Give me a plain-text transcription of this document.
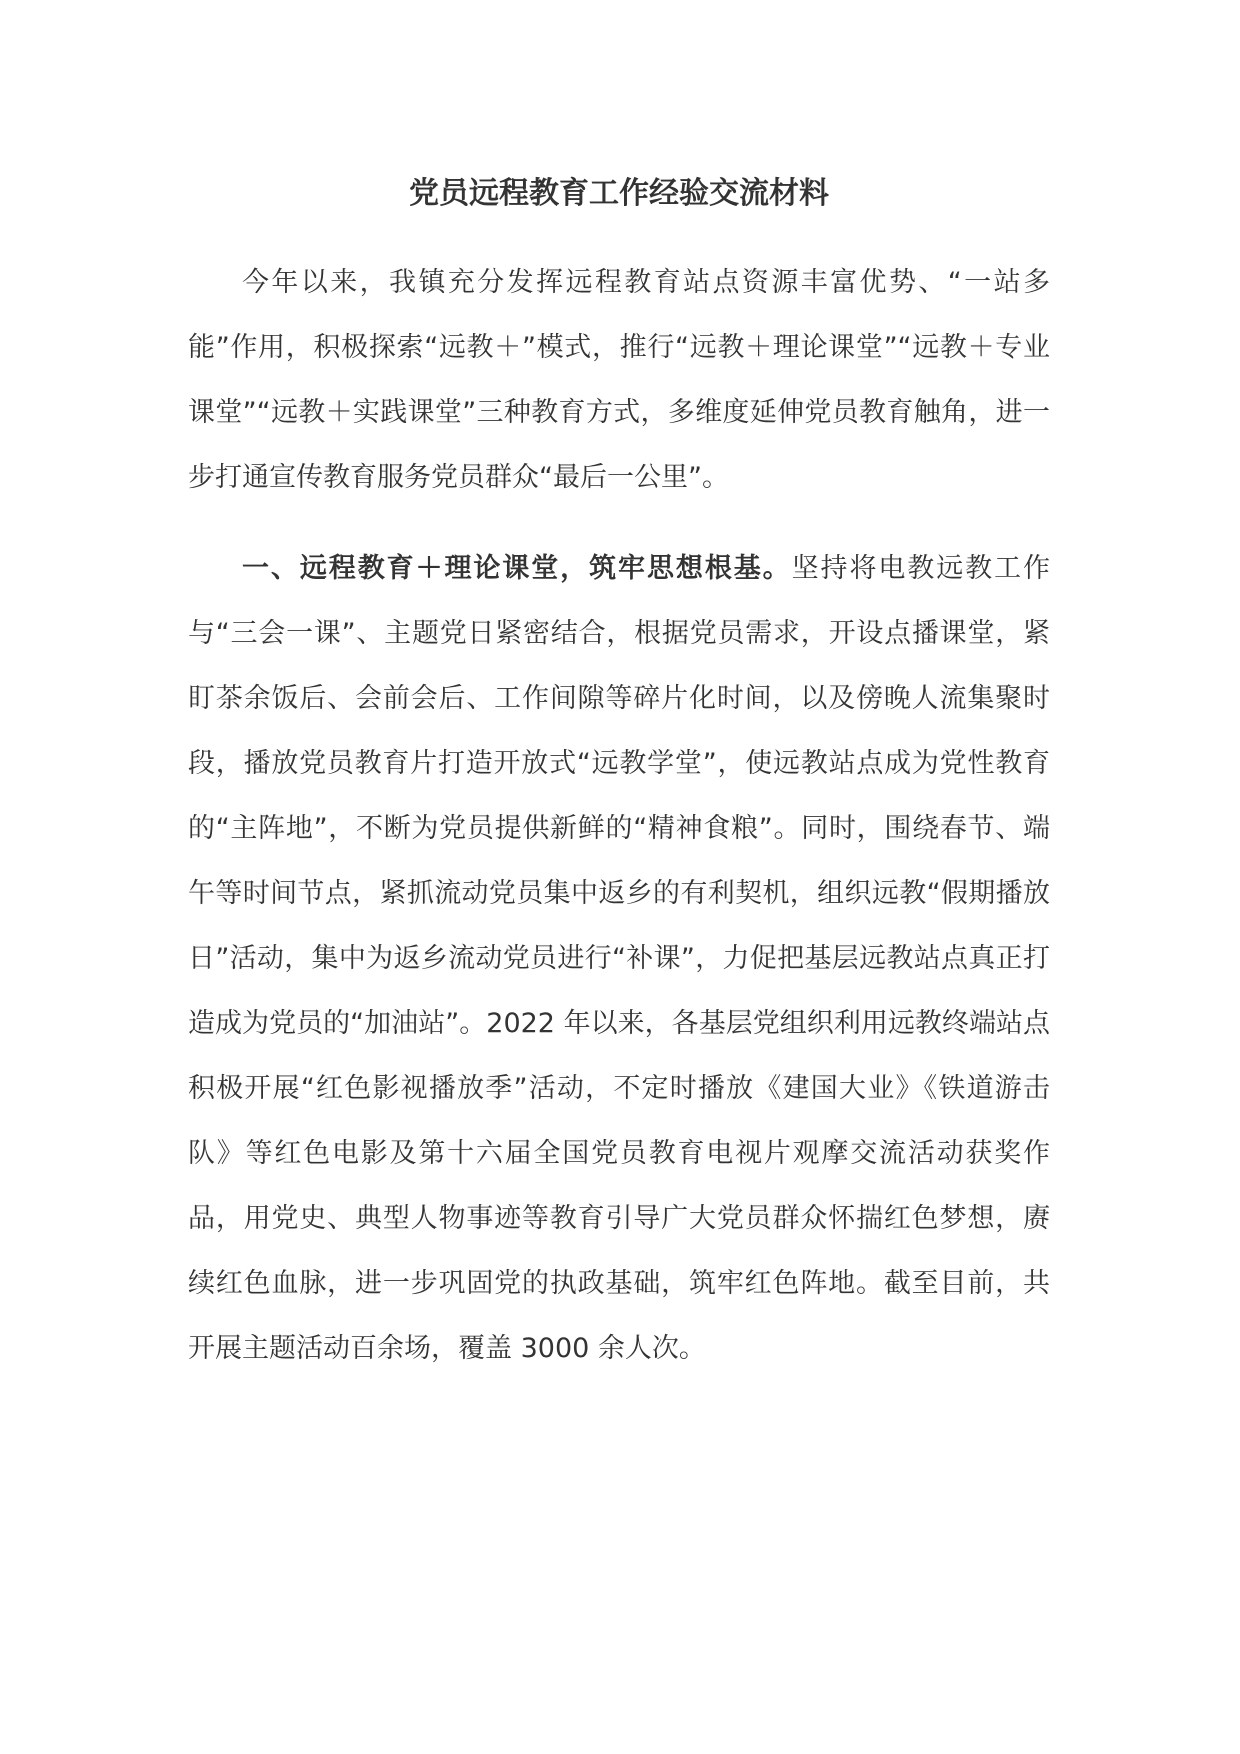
党员远程教育工作经验交流材料

今年以来，我镇充分发挥远程教育站点资源丰富优势、“一站多能”作用，积极探索“远教＋”模式，推行“远教＋理论课堂”“远教＋专业课堂”“远教＋实践课堂”三种教育方式，多维度延伸党员教育触角，进一步打通宣传教育服务党员群众“最后一公里”。

一、远程教育＋理论课堂，筑牢思想根基。坚持将电教远教工作与“三会一课”、主题党日紧密结合，根据党员需求，开设点播课堂，紧盯茶余饭后、会前会后、工作间隙等碎片化时间，以及傍晚人流集聚时段，播放党员教育片打造开放式“远教学堂”，使远教站点成为党性教育的“主阵地”，不断为党员提供新鲜的“精神食粮”。同时，围绕春节、端午等时间节点，紧抓流动党员集中返乡的有利契机，组织远教“假期播放日”活动，集中为返乡流动党员进行“补课”，力促把基层远教站点真正打造成为党员的“加油站”。2022 年以来，各基层党组织利用远教终端站点积极开展“红色影视播放季”活动，不定时播放《建国大业》《铁道游击队》等红色电影及第十六届全国党员教育电视片观摩交流活动获奖作品，用党史、典型人物事迹等教育引导广大党员群众怀揣红色梦想，赓续红色血脉，进一步巩固党的执政基础，筑牢红色阵地。截至目前，共开展主题活动百余场，覆盖 3000 余人次。
